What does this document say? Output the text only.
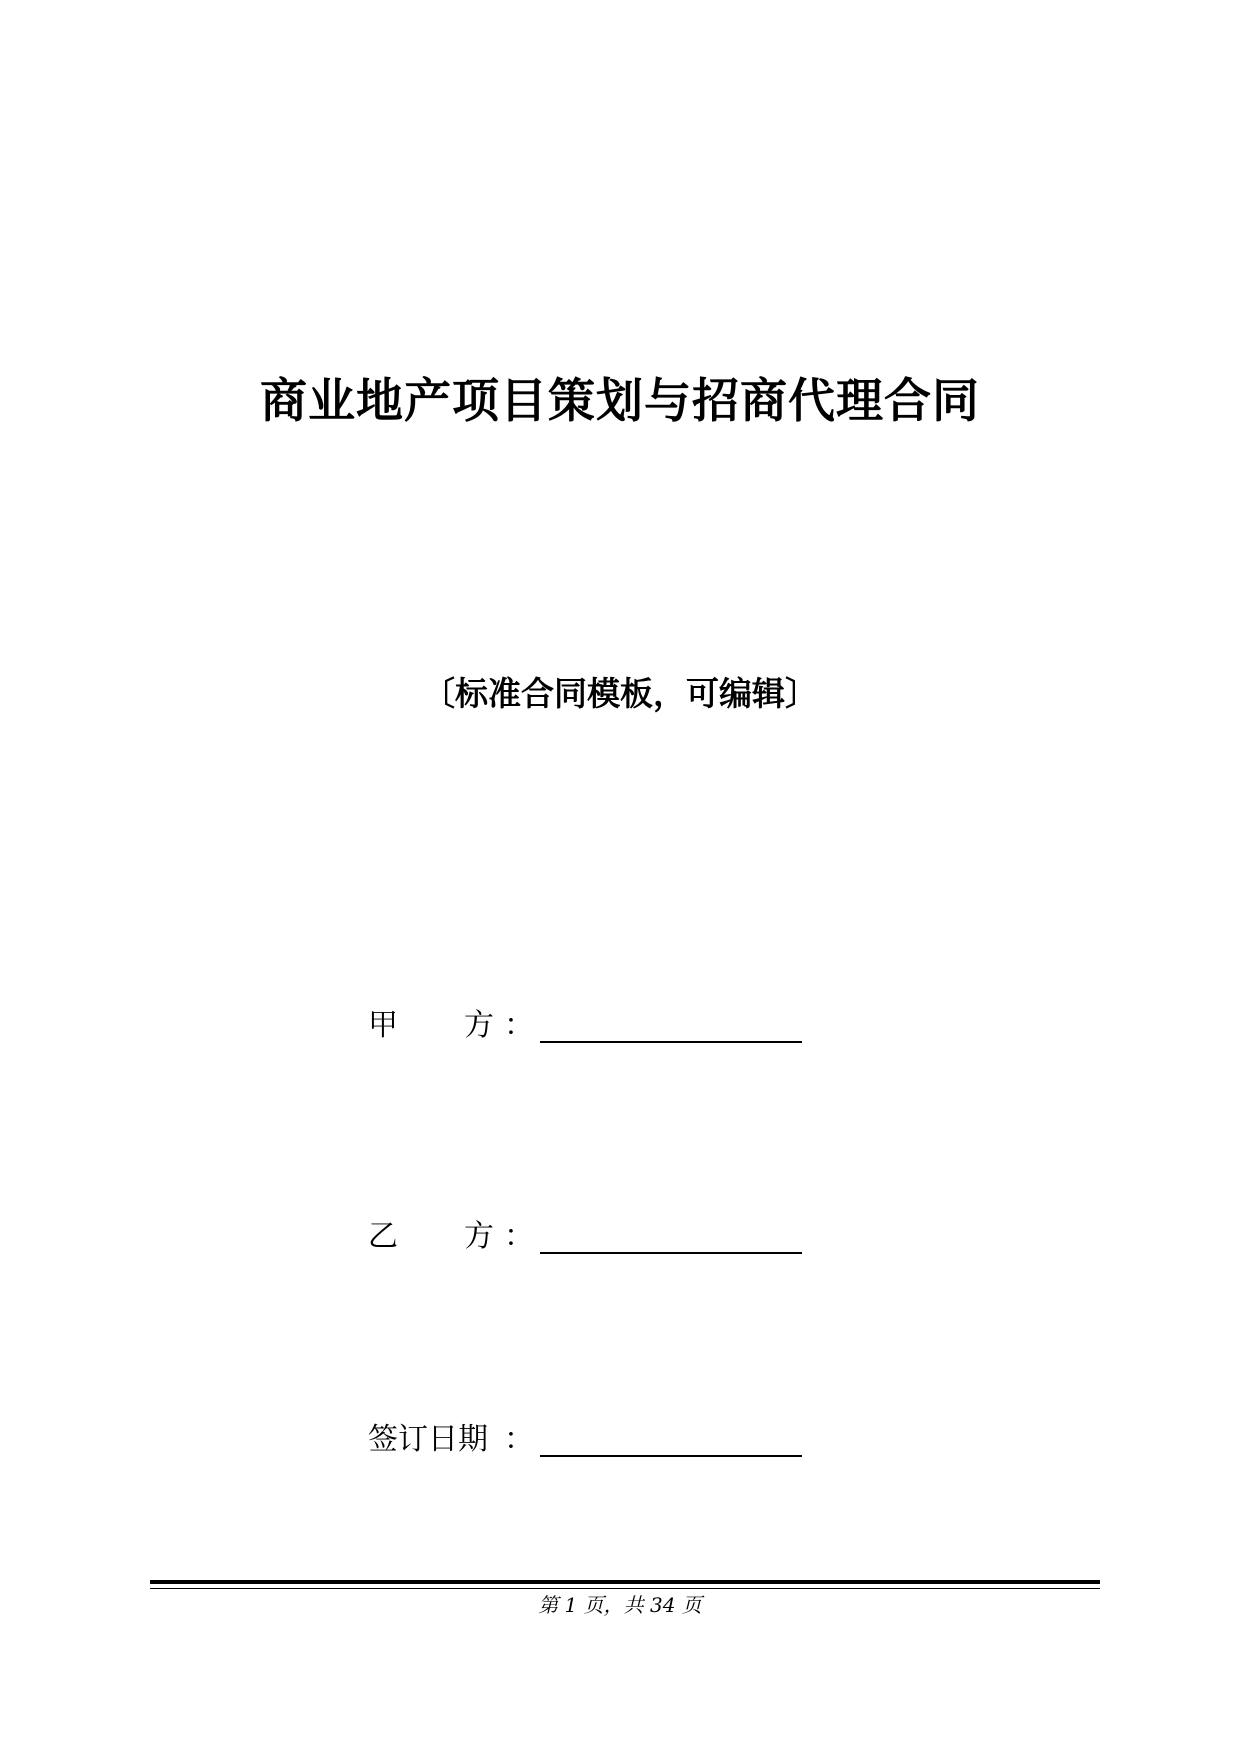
商业地产项目策划与招商代理合同
〔标准合同模板，可编辑〕
甲 方 ：
乙 方 ：
签订日期 ：
第 1 页，共 34 页
